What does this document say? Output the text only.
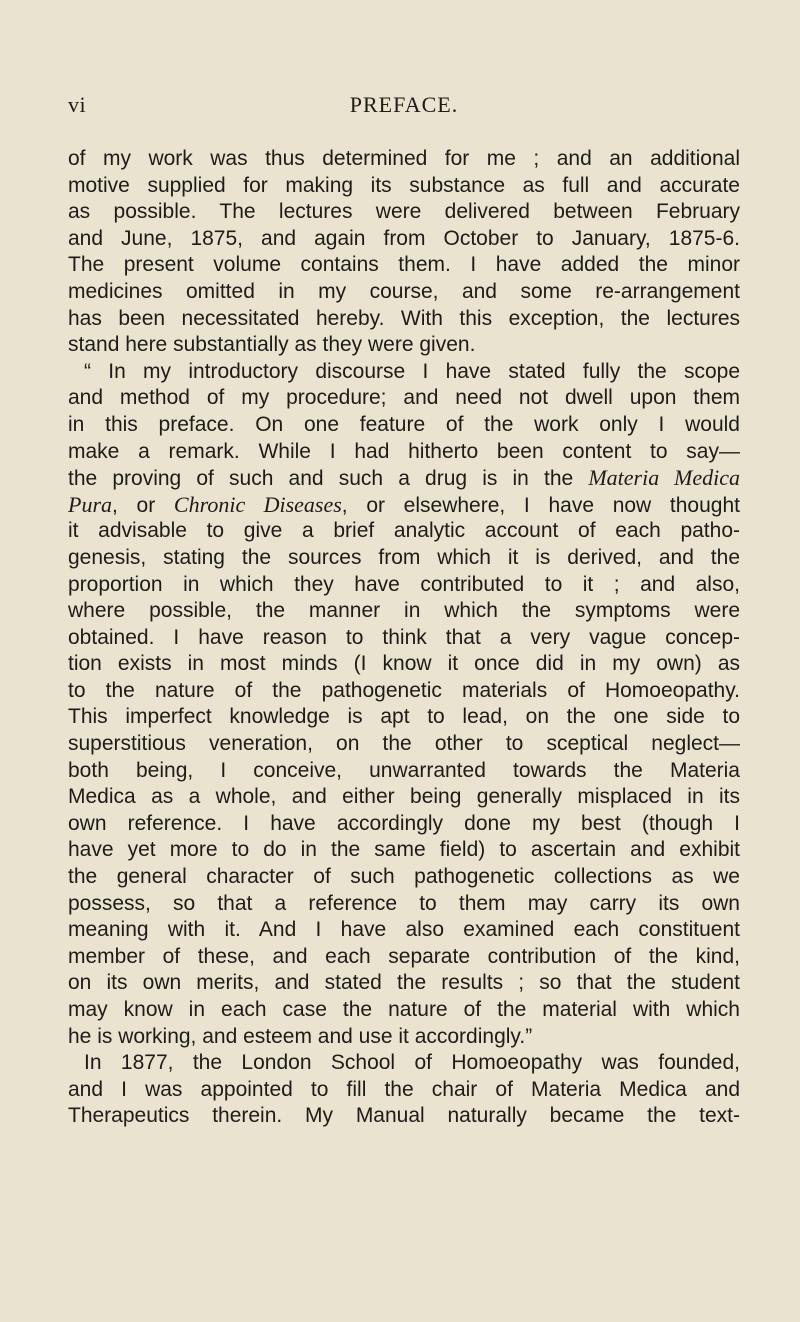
vi	PREFACE.
of my work was thus determined for me ; and an additional
motive supplied for making its substance as full and accurate
as possible. The lectures were delivered between February
and June, 1875, and again from October to January, 1875-6.
The present volume contains them. I have added the minor
medicines omitted in my course, and some re-arrangement
has been necessitated hereby. With this exception, the lectures
stand here substantially as they were given.
“ In my introductory discourse I have stated fully the scope
and method of my procedure; and need not dwell upon them
in this preface. On one feature of the work only I would
make a remark. While I had hitherto been content to say—
the proving of such and such a drug is in the Materia Medica
Pura, or Chronic Diseases, or elsewhere, I have now thought
it advisable to give a brief analytic account of each patho-
genesis, stating the sources from which it is derived, and the
proportion in which they have contributed to it ; and also,
where possible, the manner in which the symptoms were
obtained. I have reason to think that a very vague concep-
tion exists in most minds (I know it once did in my own) as
to the nature of the pathogenetic materials of Homoeopathy.
This imperfect knowledge is apt to lead, on the one side to
superstitious veneration, on the other to sceptical neglect—
both being, I conceive, unwarranted towards the Materia
Medica as a whole, and either being generally misplaced in its
own reference. I have accordingly done my best (though I
have yet more to do in the same field) to ascertain and exhibit
the general character of such pathogenetic collections as we
possess, so that a reference to them may carry its own
meaning with it. And I have also examined each constituent
member of these, and each separate contribution of the kind,
on its own merits, and stated the results ; so that the student
may know in each case the nature of the material with which
he is working, and esteem and use it accordingly.”
In 1877, the London School of Homoeopathy was founded,
and I was appointed to fill the chair of Materia Medica and
Therapeutics therein. My Manual naturally became the text-
